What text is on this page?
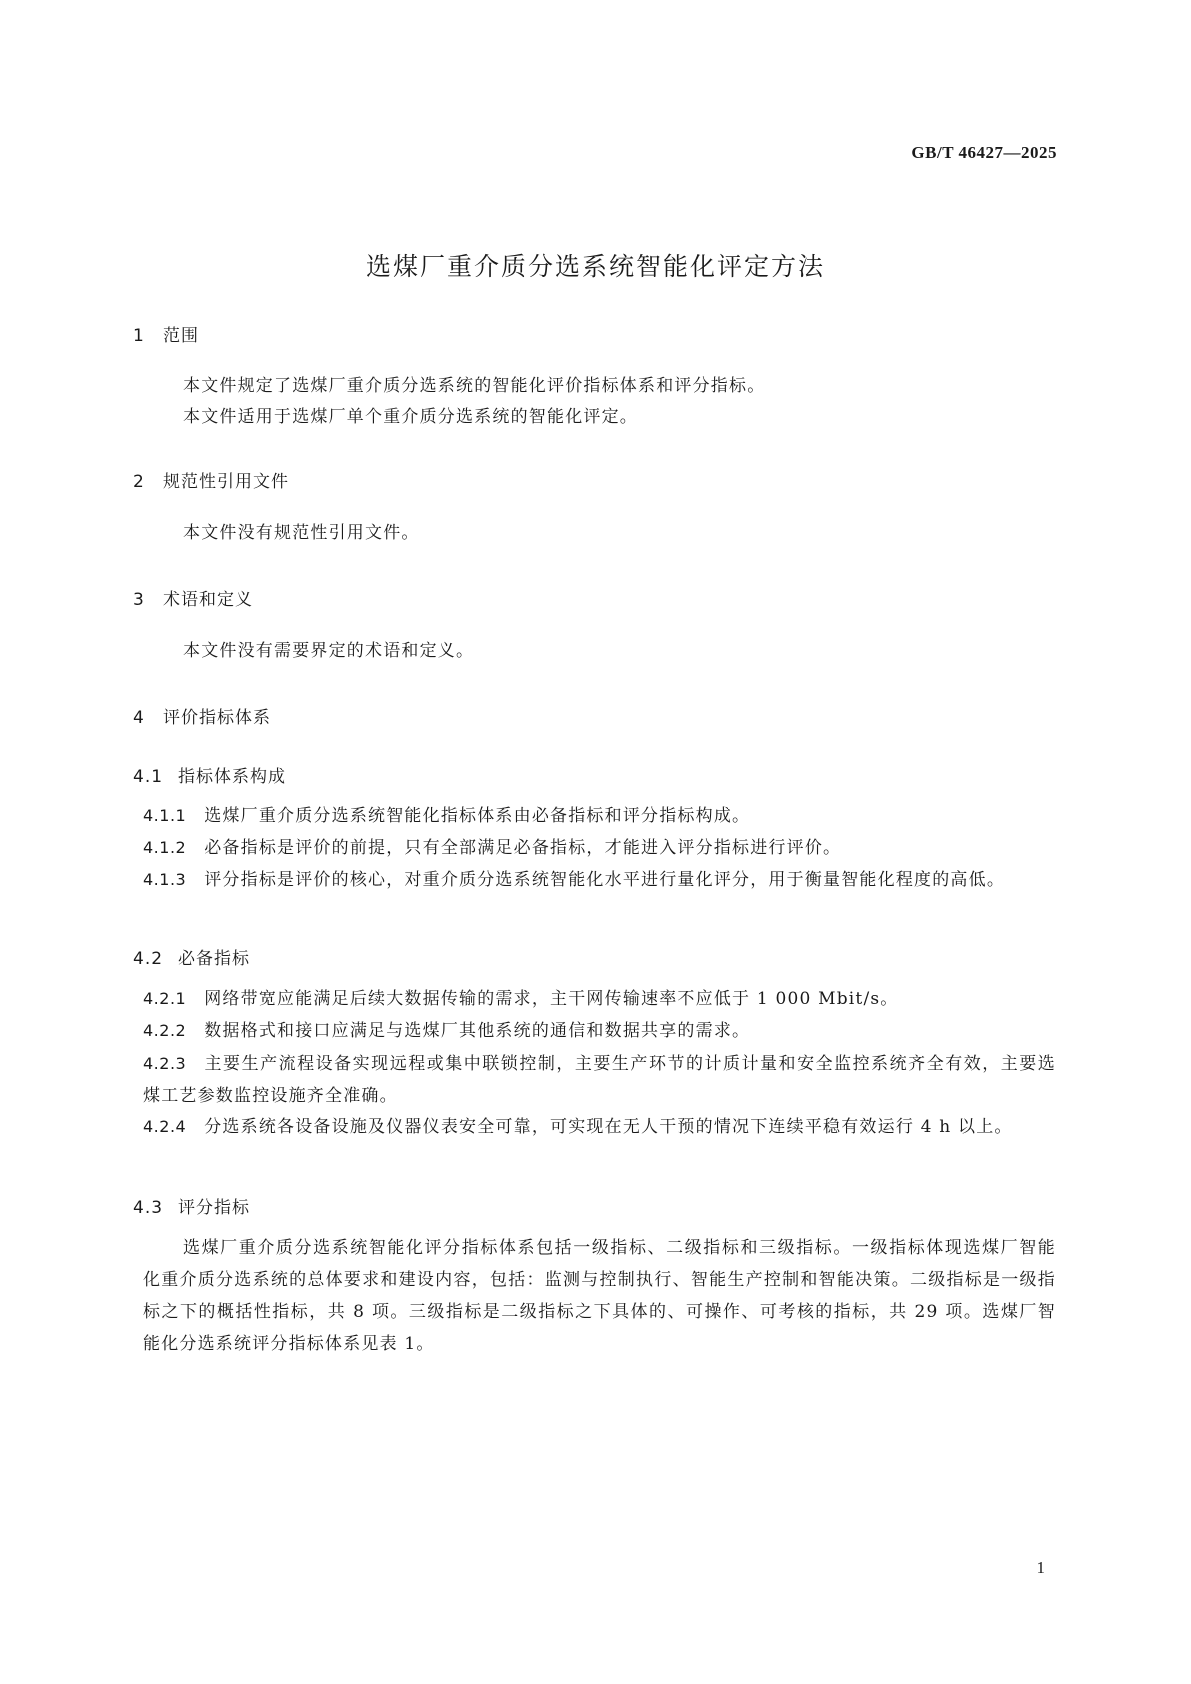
GB/T 46427—2025
选煤厂重介质分选系统智能化评定方法
1 范围
本文件规定了选煤厂重介质分选系统的智能化评价指标体系和评分指标。
本文件适用于选煤厂单个重介质分选系统的智能化评定。
2 规范性引用文件
本文件没有规范性引用文件。
3 术语和定义
本文件没有需要界定的术语和定义。
4 评价指标体系
4.1 指标体系构成
4.1.1 选煤厂重介质分选系统智能化指标体系由必备指标和评分指标构成。
4.1.2 必备指标是评价的前提，只有全部满足必备指标，才能进入评分指标进行评价。
4.1.3 评分指标是评价的核心，对重介质分选系统智能化水平进行量化评分，用于衡量智能化程度的高低。
4.2 必备指标
4.2.1 网络带宽应能满足后续大数据传输的需求，主干网传输速率不应低于 1 000 Mbit/s。
4.2.2 数据格式和接口应满足与选煤厂其他系统的通信和数据共享的需求。
4.2.3 主要生产流程设备实现远程或集中联锁控制，主要生产环节的计质计量和安全监控系统齐全有效，主要选煤工艺参数监控设施齐全准确。
4.2.4 分选系统各设备设施及仪器仪表安全可靠，可实现在无人干预的情况下连续平稳有效运行 4 h 以上。
4.3 评分指标
选煤厂重介质分选系统智能化评分指标体系包括一级指标、二级指标和三级指标。一级指标体现选煤厂智能化重介质分选系统的总体要求和建设内容，包括：监测与控制执行、智能生产控制和智能决策。二级指标是一级指标之下的概括性指标，共 8 项。三级指标是二级指标之下具体的、可操作、可考核的指标，共 29 项。选煤厂智能化分选系统评分指标体系见表 1。
1
